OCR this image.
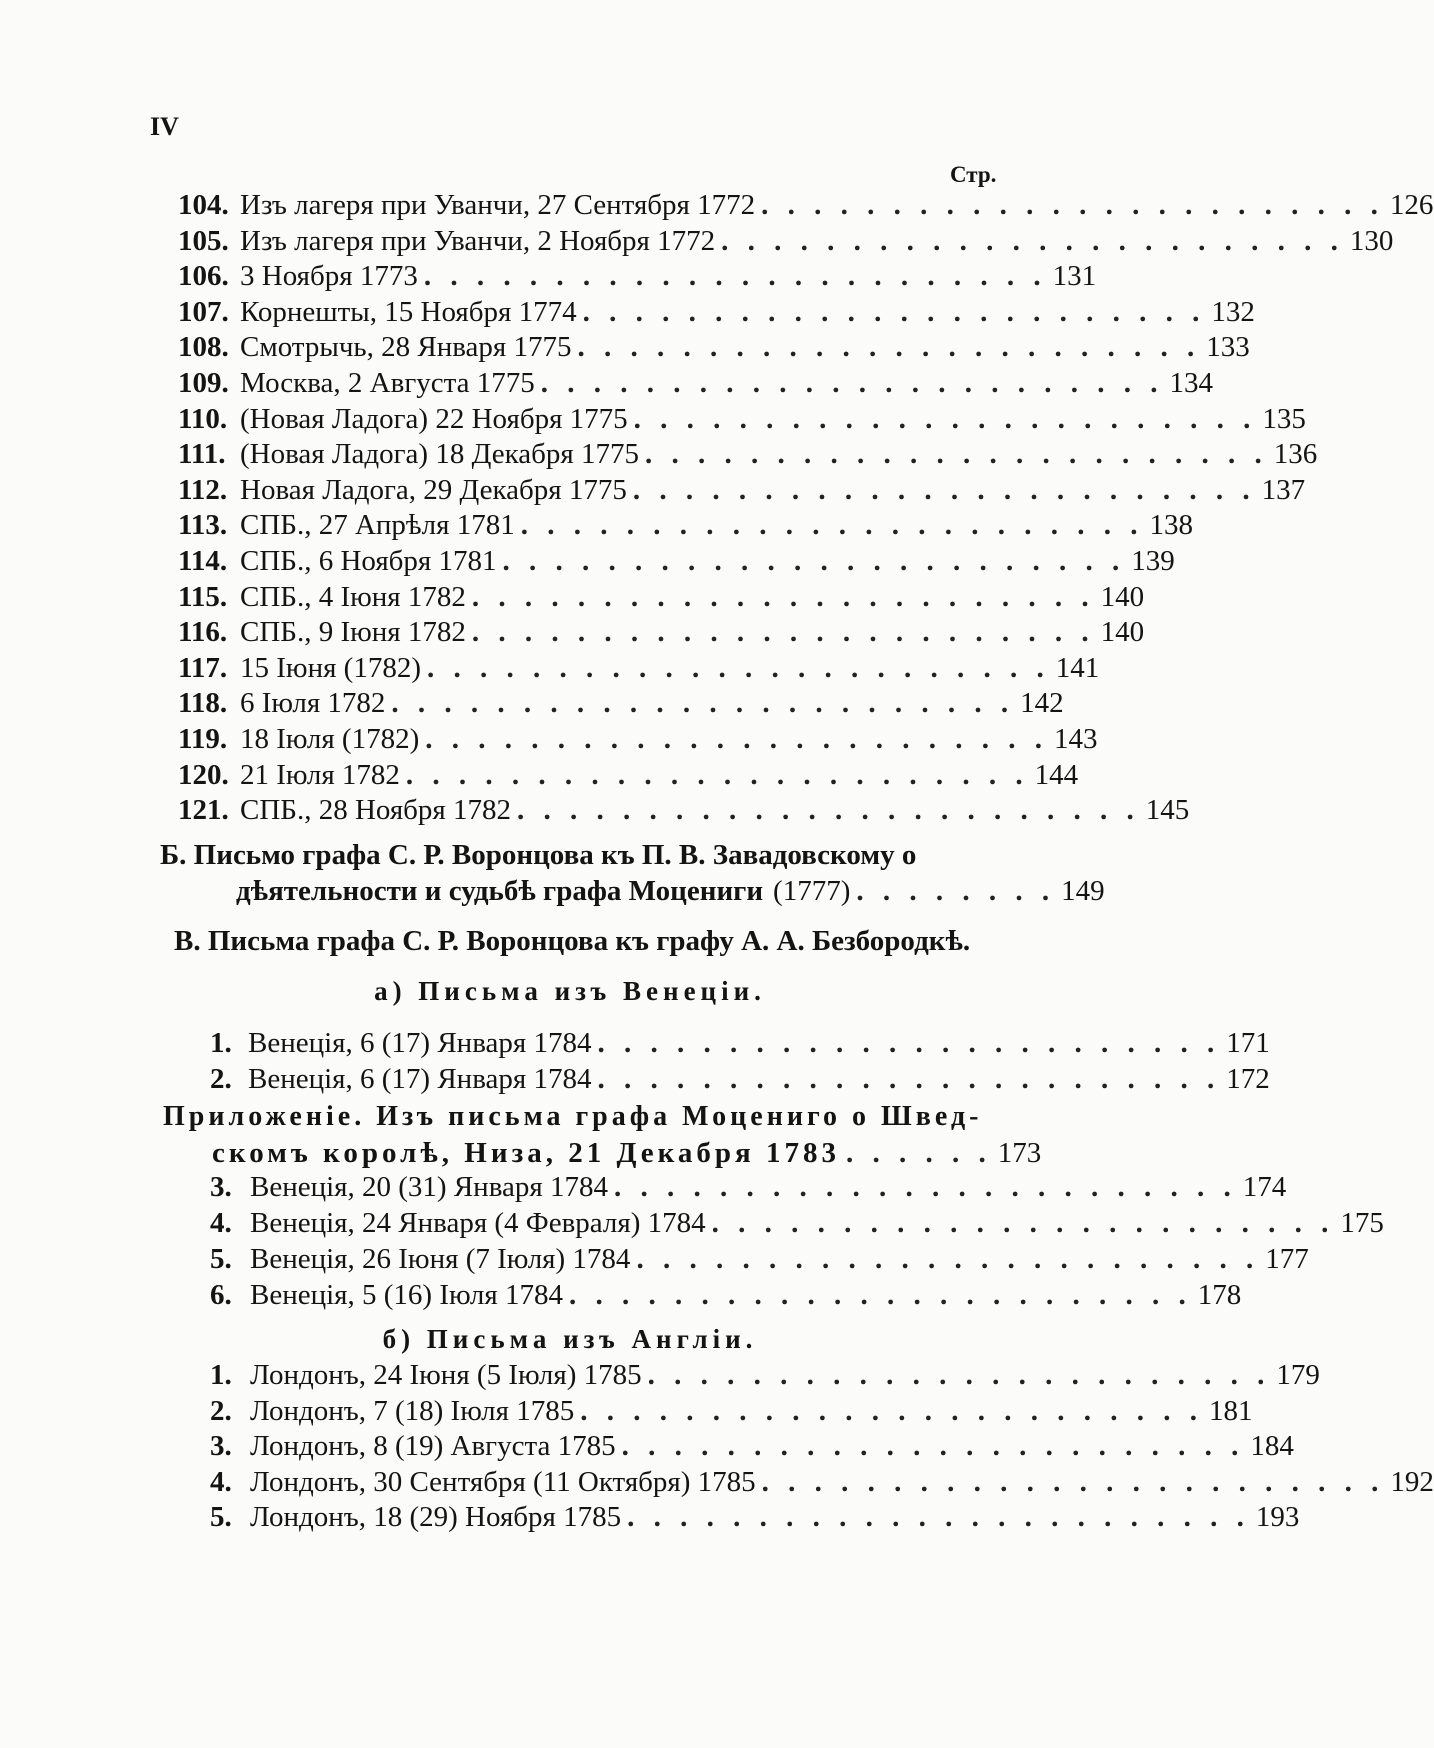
IV
Стр.
104. Изъ лагеря при Уванчи, 27 Сентября 1772 . . . . . . . . . . . . . . . . . . . . . . . . 126
105. Изъ лагеря при Уванчи, 2 Ноября 1772 . . . . . . . . . . . . . . . . . . . . . . . . 130
106. 3 Ноября 1773 . . . . . . . . . . . . . . . . . . . . . . . . 131
107. Корнешты, 15 Ноября 1774 . . . . . . . . . . . . . . . . . . . . . . . . 132
108. Смотрычь, 28 Января 1775 . . . . . . . . . . . . . . . . . . . . . . . . 133
109. Москва, 2 Августа 1775 . . . . . . . . . . . . . . . . . . . . . . . . 134
110. (Новая Ладога) 22 Ноября 1775 . . . . . . . . . . . . . . . . . . . . . . . . 135
111. (Новая Ладога) 18 Декабря 1775 . . . . . . . . . . . . . . . . . . . . . . . . 136
112. Новая Ладога, 29 Декабря 1775 . . . . . . . . . . . . . . . . . . . . . . . . 137
113. СПБ., 27 Апрѣля 1781 . . . . . . . . . . . . . . . . . . . . . . . . 138
114. СПБ., 6 Ноября 1781 . . . . . . . . . . . . . . . . . . . . . . . . 139
115. СПБ., 4 Іюня 1782 . . . . . . . . . . . . . . . . . . . . . . . . 140
116. СПБ., 9 Іюня 1782 . . . . . . . . . . . . . . . . . . . . . . . . 140
117. 15 Іюня (1782) . . . . . . . . . . . . . . . . . . . . . . . . 141
118. 6 Іюля 1782 . . . . . . . . . . . . . . . . . . . . . . . . 142
119. 18 Іюля (1782) . . . . . . . . . . . . . . . . . . . . . . . . 143
120. 21 Іюля 1782 . . . . . . . . . . . . . . . . . . . . . . . . 144
121. СПБ., 28 Ноября 1782 . . . . . . . . . . . . . . . . . . . . . . . . 145
Б. Письмо графа С. Р. Воронцова къ П. В. Завадовскому о
дѣятельности и судьбѣ графа Моцениги (1777) . . . . . . . . 149
В. Письма графа С. Р. Воронцова къ графу А. А. Безбородкѣ.
а) Письма изъ Венеціи.
1. Венеція, 6 (17) Января 1784 . . . . . . . . . . . . . . . . . . . . . . . . 171
2. Венеція, 6 (17) Января 1784 . . . . . . . . . . . . . . . . . . . . . . . . 172
Приложеніе. Изъ письма графа Моцениго о Швед-
скомъ королѣ, Низа, 21 Декабря 1783 . . . . . . 173
3. Венеція, 20 (31) Января 1784 . . . . . . . . . . . . . . . . . . . . . . . . 174
4. Венеція, 24 Января (4 Февраля) 1784 . . . . . . . . . . . . . . . . . . . . . . . . 175
5. Венеція, 26 Іюня (7 Іюля) 1784 . . . . . . . . . . . . . . . . . . . . . . . . 177
6. Венеція, 5 (16) Іюля 1784 . . . . . . . . . . . . . . . . . . . . . . . . 178
б) Письма изъ Англіи.
1. Лондонъ, 24 Іюня (5 Іюля) 1785 . . . . . . . . . . . . . . . . . . . . . . . . 179
2. Лондонъ, 7 (18) Іюля 1785 . . . . . . . . . . . . . . . . . . . . . . . . 181
3. Лондонъ, 8 (19) Августа 1785 . . . . . . . . . . . . . . . . . . . . . . . . 184
4. Лондонъ, 30 Сентября (11 Октября) 1785 . . . . . . . . . . . . . . . . . . . . . . . . 192
5. Лондонъ, 18 (29) Ноября 1785 . . . . . . . . . . . . . . . . . . . . . . . . 193
